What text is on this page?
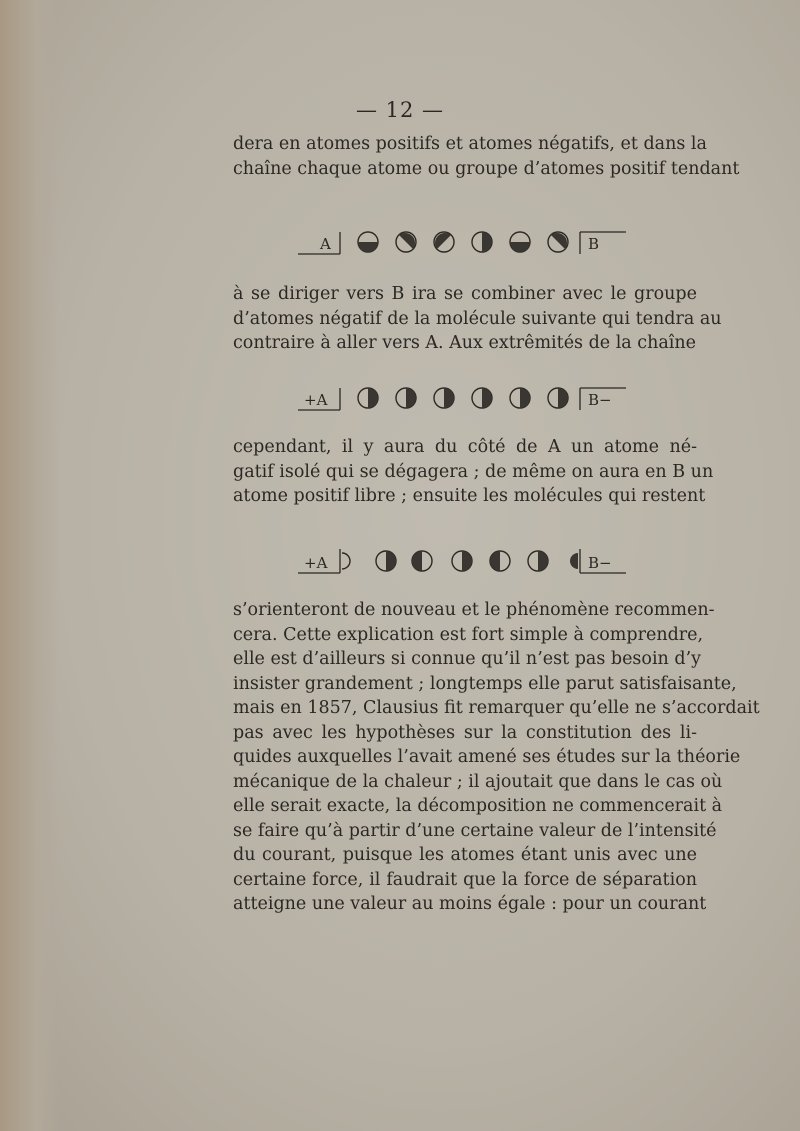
— 12 —

dera en atomes positifs et atomes négatifs, et dans la

chaîne chaque atome ou groupe d’atomes positif tendant

A	B

à se diriger vers B ira se combiner avec le groupe

d’atomes négatif de la molécule suivante qui tendra au

contraire à aller vers A. Aux extrêmités de la chaîne

+A	B−

cependant, il y aura du côté de A un atome né-

gatif isolé qui se dégagera ; de même on aura en B un

atome positif libre ; ensuite les molécules qui restent

+A	B−

s’orienteront de nouveau et le phénomène recommen-

cera. Cette explication est fort simple à comprendre,

elle est d’ailleurs si connue qu’il n’est pas besoin d’y

insister grandement ; longtemps elle parut satisfaisante,

mais en 1857, Clausius fit remarquer qu’elle ne s’accordait

pas avec les hypothèses sur la constitution des li-

quides auxquelles l’avait amené ses études sur la théorie

mécanique de la chaleur ; il ajoutait que dans le cas où

elle serait exacte, la décomposition ne commencerait à

se faire qu’à partir d’une certaine valeur de l’intensité

du courant, puisque les atomes étant unis avec une

certaine force, il faudrait que la force de séparation

atteigne une valeur au moins égale : pour un courant
